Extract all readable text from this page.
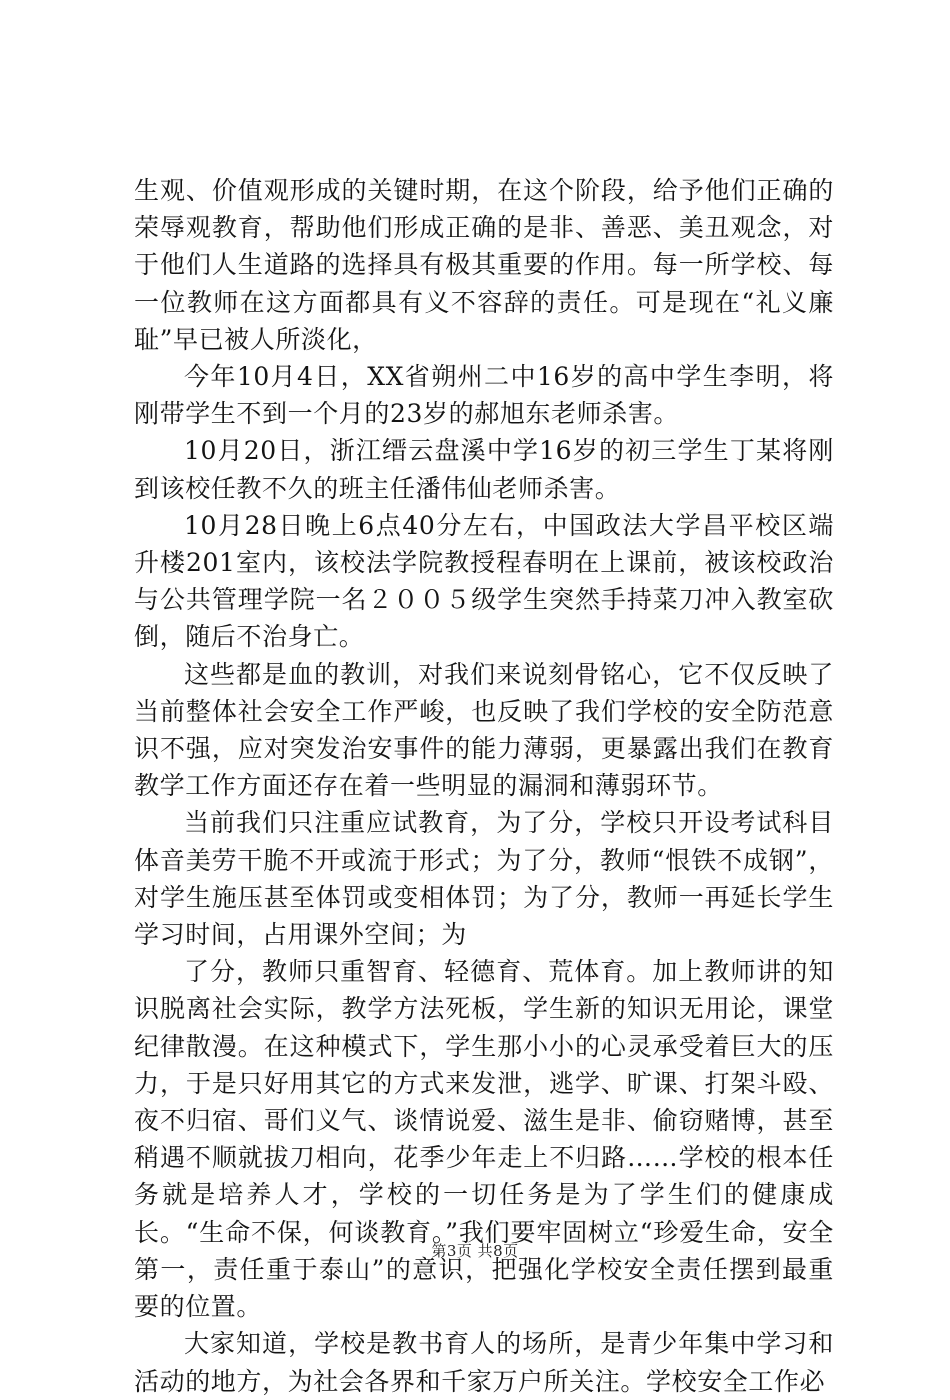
生观、价值观形成的关键时期，在这个阶段，给予他们正确的荣辱观教育，帮助他们形成正确的是非、善恶、美丑观念，对于他们人生道路的选择具有极其重要的作用。每一所学校、每一位教师在这方面都具有义不容辞的责任。可是现在“礼义廉耻”早已被人所淡化，

今年10月4日，XX省朔州二中16岁的高中学生李明，将刚带学生不到一个月的23岁的郝旭东老师杀害。

10月20日，浙江缙云盘溪中学16岁的初三学生丁某将刚到该校任教不久的班主任潘伟仙老师杀害。

10月28日晚上6点40分左右，中国政法大学昌平校区端升楼201室内，该校法学院教授程春明在上课前，被该校政治与公共管理学院一名２００５级学生突然手持菜刀冲入教室砍倒，随后不治身亡。

这些都是血的教训，对我们来说刻骨铭心，它不仅反映了当前整体社会安全工作严峻，也反映了我们学校的安全防范意识不强，应对突发治安事件的能力薄弱，更暴露出我们在教育教学工作方面还存在着一些明显的漏洞和薄弱环节。

当前我们只注重应试教育，为了分，学校只开设考试科目体音美劳干脆不开或流于形式；为了分，教师“恨铁不成钢”，对学生施压甚至体罚或变相体罚；为了分，教师一再延长学生学习时间，占用课外空间；为

了分，教师只重智育、轻德育、荒体育。加上教师讲的知识脱离社会实际，教学方法死板，学生新的知识无用论，课堂纪律散漫。在这种模式下，学生那小小的心灵承受着巨大的压力，于是只好用其它的方式来发泄，逃学、旷课、打架斗殴、夜不归宿、哥们义气、谈情说爱、滋生是非、偷窃赌博，甚至稍遇不顺就拔刀相向，花季少年走上不归路……学校的根本任务就是培养人才，学校的一切任务是为了学生们的健康成长。“生命不保，何谈教育。”我们要牢固树立“珍爱生命，安全第一，责任重于泰山”的意识，把强化学校安全责任摆到最重要的位置。

大家知道，学校是教书育人的场所，是青少年集中学习和活动的地方，为社会各界和千家万户所关注。学校安全工作必

第3页 共8页
